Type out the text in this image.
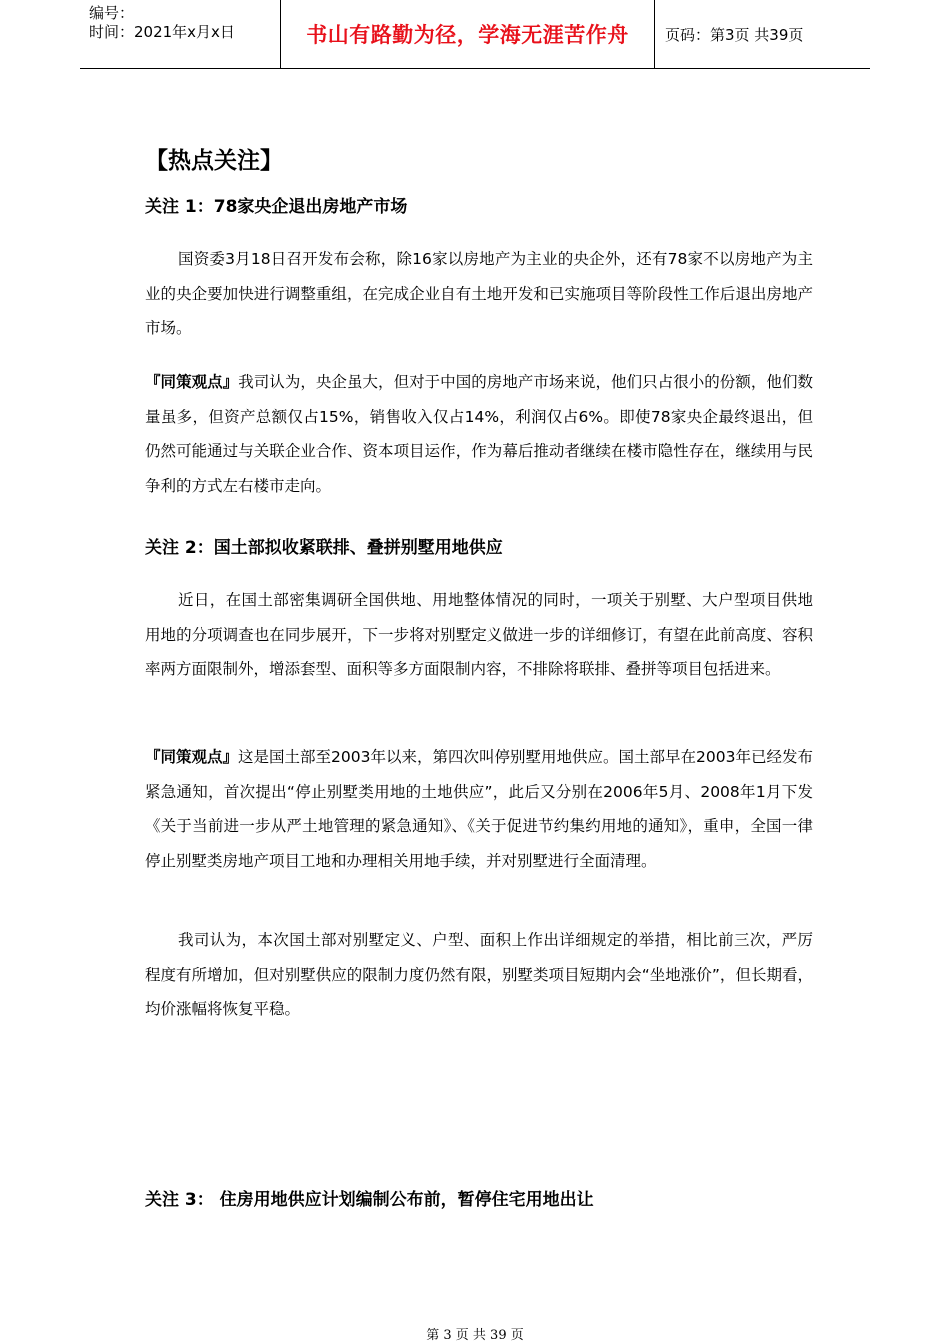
编号：
时间：2021年x月x日	书山有路勤为径，学海无涯苦作舟	页码：第3页 共39页
【热点关注】
关注 1：78家央企退出房地产市场
国资委3月18日召开发布会称，除16家以房地产为主业的央企外，还有78家不以房地产为主业的央企要加快进行调整重组，在完成企业自有土地开发和已实施项目等阶段性工作后退出房地产市场。
『同策观点』我司认为，央企虽大，但对于中国的房地产市场来说，他们只占很小的份额，他们数量虽多，但资产总额仅占15%，销售收入仅占14%，利润仅占6%。即使78家央企最终退出，但仍然可能通过与关联企业合作、资本项目运作，作为幕后推动者继续在楼市隐性存在，继续用与民争利的方式左右楼市走向。
关注 2：国土部拟收紧联排、叠拼别墅用地供应
近日，在国土部密集调研全国供地、用地整体情况的同时，一项关于别墅、大户型项目供地用地的分项调查也在同步展开，下一步将对别墅定义做进一步的详细修订，有望在此前高度、容积率两方面限制外，增添套型、面积等多方面限制内容，不排除将联排、叠拼等项目包括进来。
『同策观点』这是国土部至2003年以来，第四次叫停别墅用地供应。国土部早在2003年已经发布紧急通知，首次提出“停止别墅类用地的土地供应”，此后又分别在2006年5月、2008年1月下发《关于当前进一步从严土地管理的紧急通知》、《关于促进节约集约用地的通知》，重申，全国一律停止别墅类房地产项目工地和办理相关用地手续，并对别墅进行全面清理。
我司认为，本次国土部对别墅定义、户型、面积上作出详细规定的举措，相比前三次，严厉程度有所增加，但对别墅供应的限制力度仍然有限，别墅类项目短期内会“坐地涨价”，但长期看，均价涨幅将恢复平稳。
关注 3： 住房用地供应计划编制公布前，暂停住宅用地出让
第 3 页 共 39 页
